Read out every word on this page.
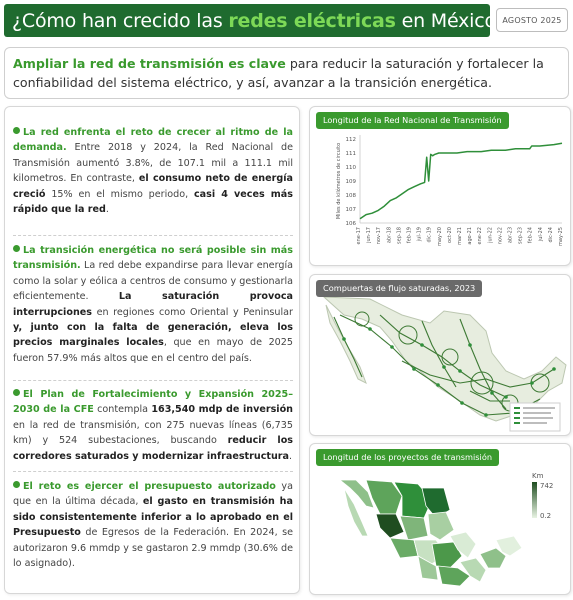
¿Cómo han crecido las redes eléctricas en México?
AGOSTO 2025
Ampliar la red de transmisión es clave para reducir la saturación y fortalecer la confiabilidad del sistema eléctrico, y así, avanzar a la transición energética.
La red enfrenta el reto de crecer al ritmo de la demanda. Entre 2018 y 2024, la Red Nacional de Transmisión aumentó 3.8%, de 107.1 mil a 111.1 mil kilometros. En contraste, el consumo neto de energía creció 15% en el mismo periodo, casi 4 veces más rápido que la red.
La transición energética no será posible sin más transmisión. La red debe expandirse para llevar energía como la solar y eólica a centros de consumo y gestionarla eficientemente. La saturación provoca interrupciones en regiones como Oriental y Peninsular y, junto con la falta de generación, eleva los precios marginales locales, que en mayo de 2025 fueron 57.9% más altos que en el centro del país.
El Plan de Fortalecimiento y Expansión 2025–2030 de la CFE contempla 163,540 mdp de inversión en la red de transmisión, con 275 nuevas líneas (6,735 km) y 524 subestaciones, buscando reducir los corredores saturados y modernizar infraestructura.
El reto es ejercer el presupuesto autorizado ya que en la última década, el gasto en transmisión ha sido consistentemente inferior a lo aprobado en el Presupuesto de Egresos de la Federación. En 2024, se autorizaron 9.6 mmdp y se gastaron 2.9 mmdp (30.6% de lo asignado).
106
107
108
109
110
111
112
ene-17 jun-17 nov-17 abr-18 sep-18 feb-19 jul-19 dic-19 may-20 oct-20 mar-21 ago-21 ene-22 jun-22 nov-22 abr-23 sep-23 feb-24 jul-24 dic-24 may-25
Miles de kilómetros de circuito
Longitud de la Red Nacional de Transmisión
Compuertas de flujo saturadas, 2023
Km
742
0.2
Longitud de los proyectos de transmisión
